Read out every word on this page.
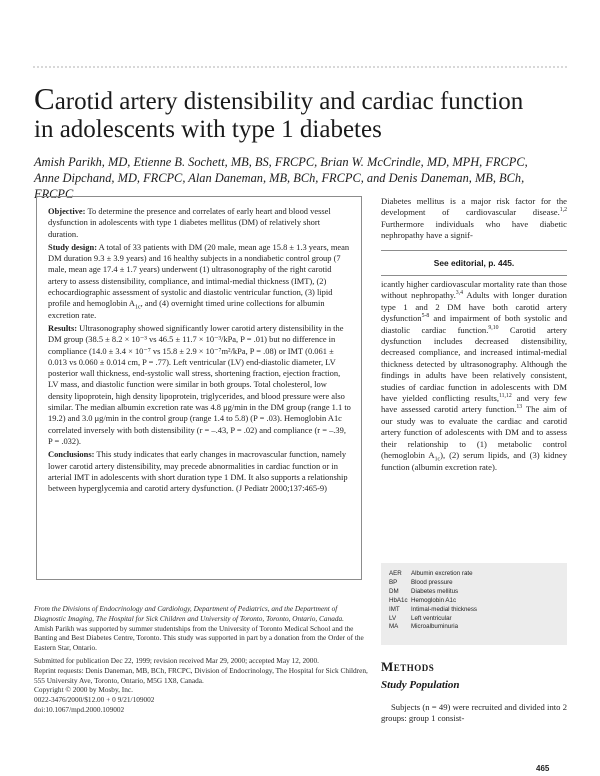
Carotid artery distensibility and cardiac function
in adolescents with type 1 diabetes

Amish Parikh, MD, Etienne B. Sochett, MB, BS, FRCPC, Brian W. McCrindle, MD, MPH, FRCPC,
Anne Dipchand, MD, FRCPC, Alan Daneman, MB, BCh, FRCPC, and Denis Daneman, MB, BCh, FRCPC

Objective: To determine the presence and correlates of early heart and blood vessel dysfunction in adolescents with type 1 diabetes mellitus (DM) of relatively short duration.

Study design: A total of 33 patients with DM (20 male, mean age 15.8 ± 1.3 years, mean DM duration 9.3 ± 3.9 years) and 16 healthy subjects in a nondiabetic control group (7 male, mean age 17.4 ± 1.7 years) underwent (1) ultrasonography of the right carotid artery to assess distensibility, compliance, and intimal-medial thickness (IMT), (2) echocardiographic assessment of systolic and diastolic ventricular function, (3) lipid profile and hemoglobin $A_{1c}$, and (4) overnight timed urine collections for albumin excretion rate.

Results: Ultrasonography showed significantly lower carotid artery distensibility in the DM group (38.5 ± 8.2 × 10⁻³ vs 46.5 ± 11.7 × 10⁻³/kPa, P = .01) but no difference in compliance (14.0 ± 3.4 × 10⁻⁷ vs 15.8 ± 2.9 × 10⁻⁷m²/kPa, P = .08) or IMT (0.061 ± 0.013 vs 0.060 ± 0.014 cm, P = .77). Left ventricular (LV) end-diastolic diameter, LV posterior wall thickness, end-systolic wall stress, shortening fraction, ejection fraction, LV mass, and diastolic function were similar in both groups. Total cholesterol, low density lipoprotein, high density lipoprotein, triglycerides, and blood pressure were also similar. The median albumin excretion rate was 4.8 μg/min in the DM group (range 1.1 to 19.2) and 3.0 μg/min in the control group (range 1.4 to 5.8) (P = .03). Hemoglobin A1c correlated inversely with both distensibility (r = –.43, P = .02) and compliance (r = –.39, P = .032).

Conclusions: This study indicates that early changes in macrovascular function, namely lower carotid artery distensibility, may precede abnormalities in cardiac function or in arterial IMT in adolescents with short duration type 1 DM. It also supports a relationship between hyperglycemia and carotid artery dysfunction. (J Pediatr 2000;137:465-9)

From the Divisions of Endocrinology and Cardiology, Department of Pediatrics, and the Department of Diagnostic Imaging, The Hospital for Sick Children and University of Toronto, Toronto, Ontario, Canada.

Amish Parikh was supported by summer studentships from the University of Toronto Medical School and the Banting and Best Diabetes Centre, Toronto. This study was supported in part by a donation from the Order of the Eastern Star, Ontario.

Submitted for publication Dec 22, 1999; revision received Mar 29, 2000; accepted May 12, 2000.

Reprint requests: Denis Daneman, MB, BCh, FRCPC, Division of Endocrinology, The Hospital for Sick Children, 555 University Ave, Toronto, Ontario, M5G 1X8, Canada.

Copyright © 2000 by Mosby, Inc.

0022-3476/2000/$12.00 + 0 9/21/109002

doi:10.1067/mpd.2000.109002

Diabetes mellitus is a major risk factor for the development of cardiovascular disease.$^{1,2}$ Furthermore individuals who have diabetic nephropathy have a signif-

See editorial, p. 445.

icantly higher cardiovascular mortality rate than those without nephropathy.$^{3,4}$ Adults with longer duration type 1 and 2 DM have both carotid artery dysfunction$^{5-8}$ and impairment of both systolic and diastolic cardiac function.$^{9,10}$ Carotid artery dysfunction includes decreased distensibility, decreased compliance, and increased intimal-medial thickness detected by ultrasonography. Although the findings in adults have been relatively consistent, studies of cardiac function in adolescents with DM have yielded conflicting results,$^{11,12}$ and very few have assessed carotid artery function.$^{13}$ The aim of our study was to evaluate the cardiac and carotid artery function of adolescents with DM and to assess their relationship to (1) metabolic control (hemoglobin $A_{1c}$), (2) serum lipids, and (3) kidney function (albumin excretion rate).

AER	Albumin excretion rate
BP	Blood pressure
DM	Diabetes mellitus
HbA1c Hemoglobin A1c
IMT	Intimal-medial thickness
LV	Left ventricular
MA	Microalbuminuria
Methods
Study Population

Subjects (n = 49) were recruited and divided into 2 groups: group 1 consist-

465
